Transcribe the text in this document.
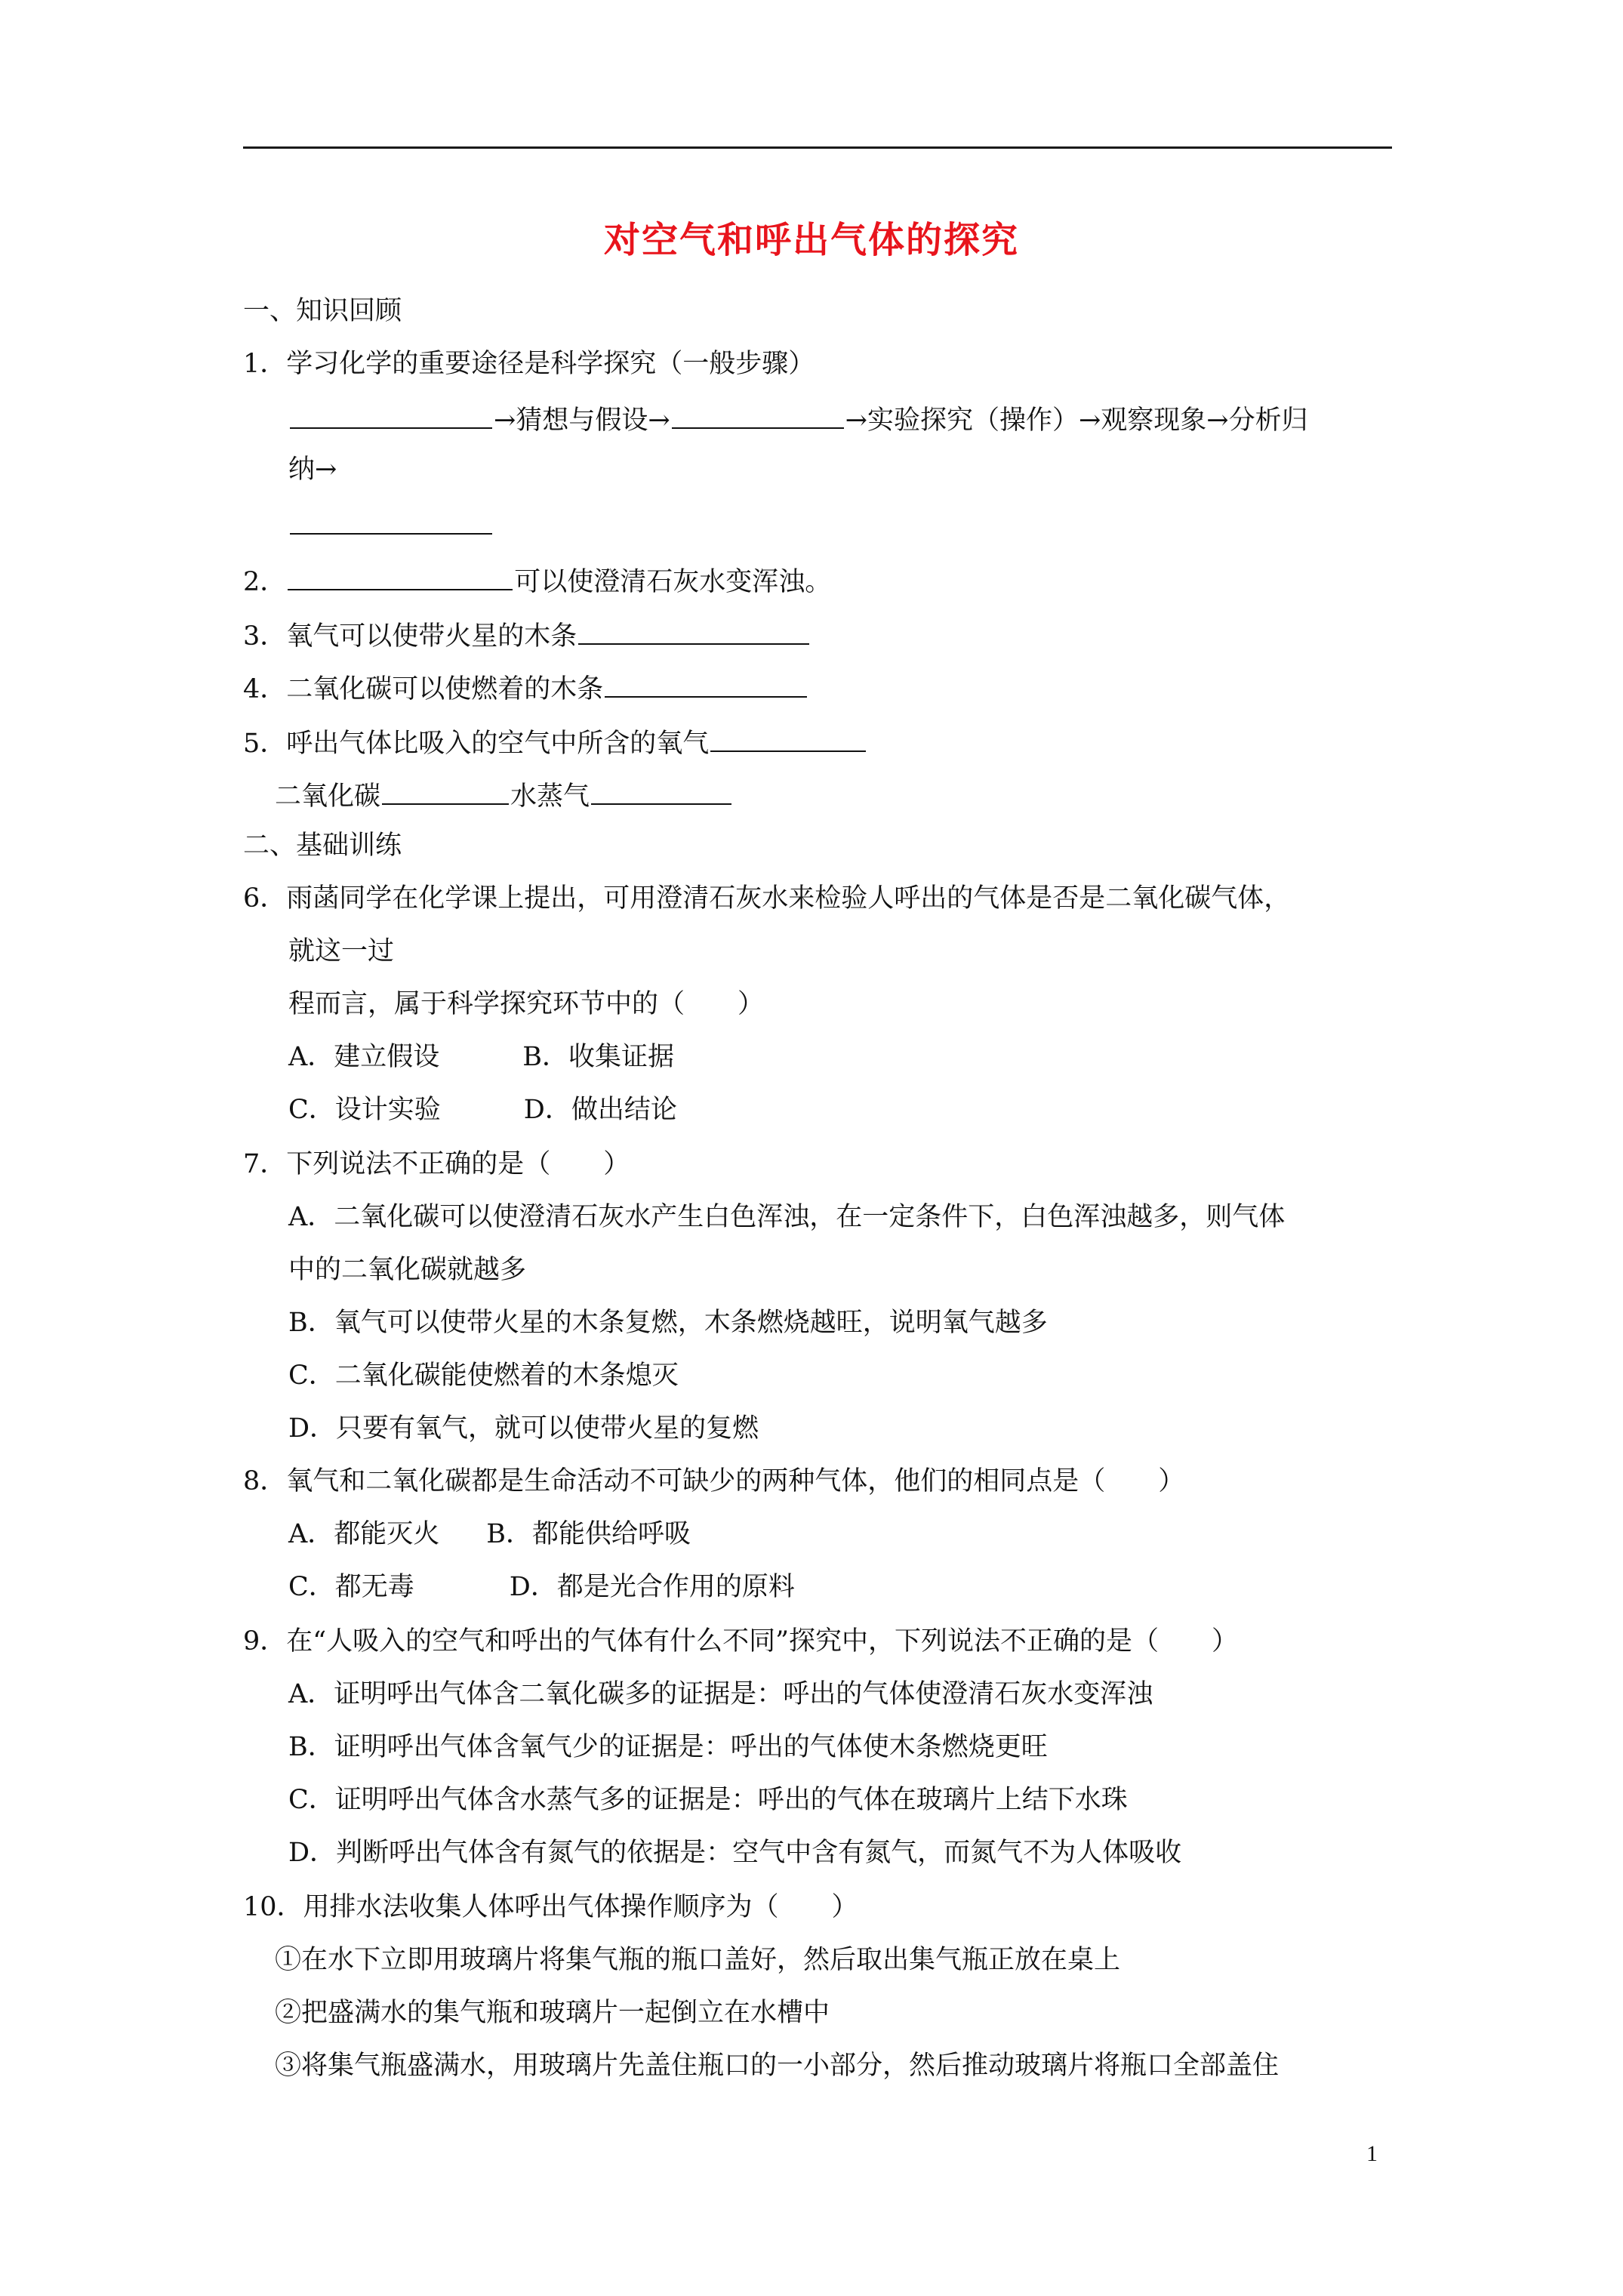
对空气和呼出气体的探究
一、知识回顾
1．学习化学的重要途径是科学探究（一般步骤）
→猜想与假设→	→实验探究（操作）→观察现象→分析归
纳→
2．	可以使澄清石灰水变浑浊。
3．氧气可以使带火星的木条
4．二氧化碳可以使燃着的木条
5．呼出气体比吸入的空气中所含的氧气
二氧化碳	水蒸气
二、基础训练
6．雨菡同学在化学课上提出，可用澄清石灰水来检验人呼出的气体是否是二氧化碳气体，
就这一过
程而言，属于科学探究环节中的（　　）
A．建立假设	B．收集证据
C．设计实验	D．做出结论
7．下列说法不正确的是（　　）
A．二氧化碳可以使澄清石灰水产生白色浑浊，在一定条件下，白色浑浊越多，则气体
中的二氧化碳就越多
B．氧气可以使带火星的木条复燃，木条燃烧越旺，说明氧气越多
C．二氧化碳能使燃着的木条熄灭
D．只要有氧气，就可以使带火星的复燃
8．氧气和二氧化碳都是生命活动不可缺少的两种气体，他们的相同点是（　　）
A．都能灭火 B．都能供给呼吸
C．都无毒	D．都是光合作用的原料
9．在“人吸入的空气和呼出的气体有什么不同”探究中，下列说法不正确的是（　　）
A．证明呼出气体含二氧化碳多的证据是：呼出的气体使澄清石灰水变浑浊
B．证明呼出气体含氧气少的证据是：呼出的气体使木条燃烧更旺
C．证明呼出气体含水蒸气多的证据是：呼出的气体在玻璃片上结下水珠
D．判断呼出气体含有氮气的依据是：空气中含有氮气，而氮气不为人体吸收
10．用排水法收集人体呼出气体操作顺序为（　　）
①在水下立即用玻璃片将集气瓶的瓶口盖好，然后取出集气瓶正放在桌上
②把盛满水的集气瓶和玻璃片一起倒立在水槽中
③将集气瓶盛满水，用玻璃片先盖住瓶口的一小部分，然后推动玻璃片将瓶口全部盖住
1
